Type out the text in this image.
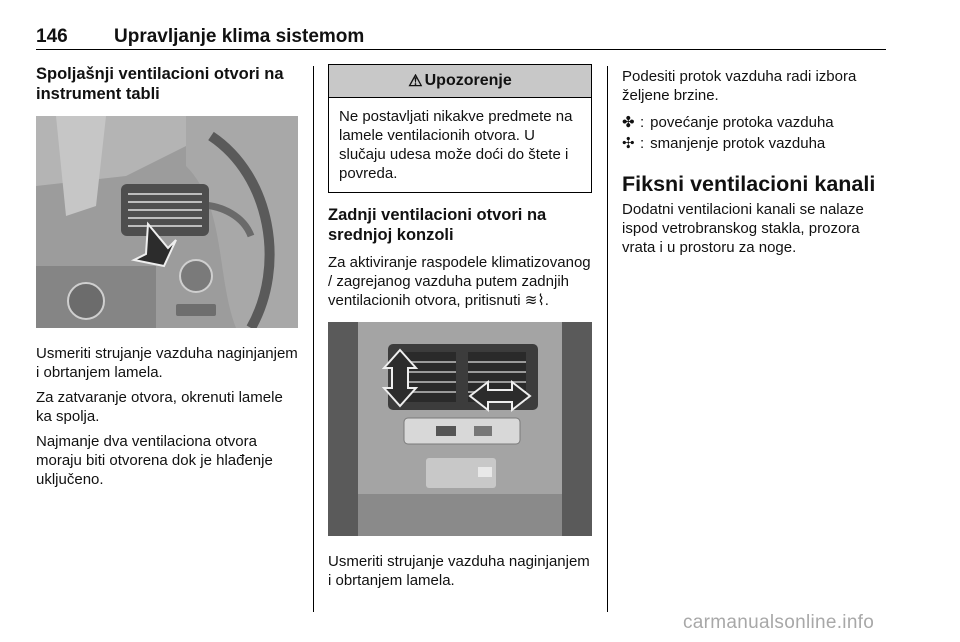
146 Upravljanje klima sistemom
Spoljašnji ventilacioni otvori na instrument tabli

Usmeriti strujanje vazduha naginjanjem i obrtanjem lamela.

Za zatvaranje otvora, okrenuti lamele ka spolja.

Najmanje dva ventilaciona otvora moraju biti otvorena dok je hlađenje uključeno.

⚠ Upozorenje
Ne postavljati nikakve predmete na lamele ventilacionih otvora. U slučaju udesa može doći do štete i povreda.
Zadnji ventilacioni otvori na srednjoj konzoli

Za aktiviranje raspodele klimatizovanog / zagrejanog vazduha putem zadnjih ventilacionih otvora, pritisnuti ≋⌇.

Usmeriti strujanje vazduha naginjanjem i obrtanjem lamela.

Podesiti protok vazduha radi izbora željene brzine.

✤ : povećanje protoka vazduha
✣ : smanjenje protok vazduha
Fiksni ventilacioni kanali

Dodatni ventilacioni kanali se nalaze ispod vetrobranskog stakla, prozora vrata i u prostoru za noge.

carmanualsonline.info
